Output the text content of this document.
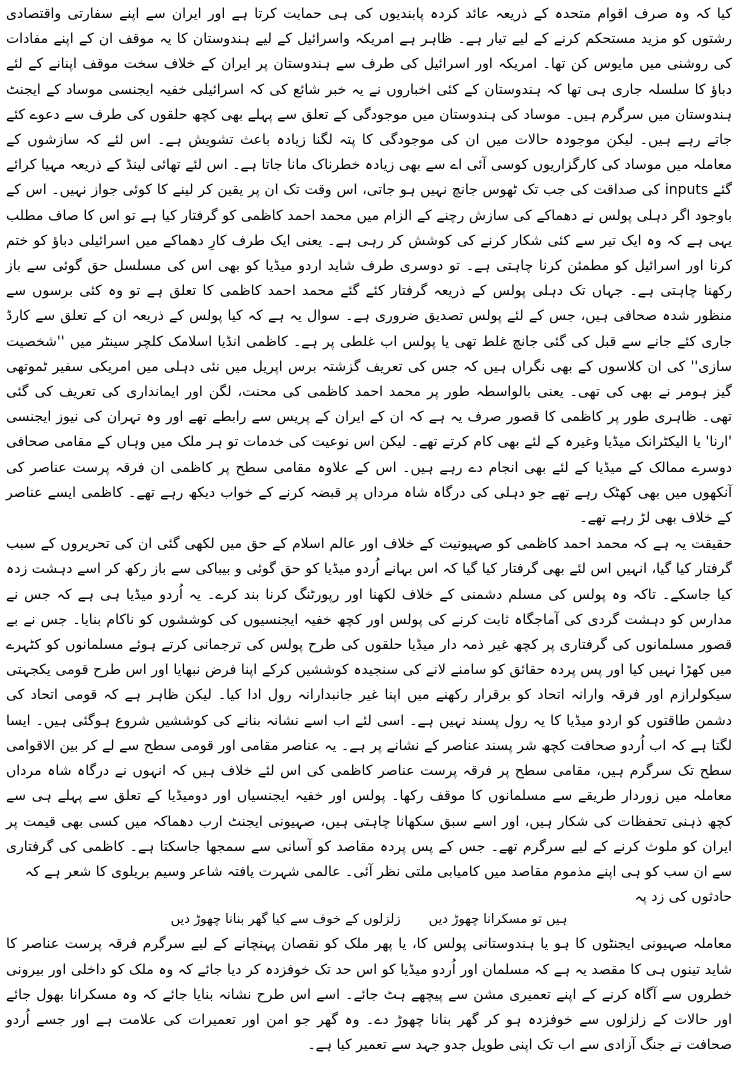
کیا کہ وہ صرف اقوام متحدہ کے ذریعہ عائد کردہ پابندیوں کی ہی حمایت کرتا ہے اور ایران سے اپنے سفارتی واقتصادی رشتوں کو مزید مستحکم کرنے کے لیے تیار ہے۔ ظاہر ہے امریکہ واسرائیل کے لیے ہندوستان کا یہ موقف ان کے اپنے مفادات کی روشنی میں مایوس کن تھا۔ امریکہ اور اسرائیل کی طرف سے ہندوستان پر ایران کے خلاف سخت موقف اپنانے کے لئے دباؤ کا سلسلہ جاری ہی تھا کہ ہندوستان کے کئی اخباروں نے یہ خبر شائع کی کہ اسرائیلی خفیہ ایجنسی موساد کے ایجنٹ ہندوستان میں سرگرم ہیں۔ موساد کی ہندوستان میں موجودگی کے تعلق سے پہلے بھی کچھ حلقوں کی طرف سے دعوے کئے جاتے رہے ہیں۔ لیکن موجودہ حالات میں ان کی موجودگی کا پتہ لگنا زیادہ باعث تشویش ہے۔ اس لئے کہ سازشوں کے معاملہ میں موساد کی کارگزاریوں کوسی آئی اے سے بھی زیادہ خطرناک مانا جاتا ہے۔ اس لئے تھائی لینڈ کے ذریعہ مہیا کرائے گئے inputs کی صداقت کی جب تک ٹھوس جانچ نہیں ہو جاتی، اس وقت تک ان پر یقین کر لینے کا کوئی جواز نہیں۔ اس کے باوجود اگر دہلی پولس نے دھماکے کی سازش رچنے کے الزام میں محمد احمد کاظمی کو گرفتار کیا ہے تو اس کا صاف مطلب یہی ہے کہ وہ ایک تیر سے کئی شکار کرنے کی کوشش کر رہی ہے۔ یعنی ایک طرف کارِ دھماکے میں اسرائیلی دباؤ کو ختم کرنا اور اسرائیل کو مطمئن کرنا چاہتی ہے۔ تو دوسری طرف شاید اردو میڈیا کو بھی اس کی مسلسل حق گوئی سے باز رکھنا چاہتی ہے۔ جہاں تک دہلی پولس کے ذریعہ گرفتار کئے گئے محمد احمد کاظمی کا تعلق ہے تو وہ کئی برسوں سے منظور شدہ صحافی ہیں، جس کے لئے پولس تصدیق ضروری ہے۔ سوال یہ ہے کہ کیا پولس کے ذریعہ ان کے تعلق سے کارڈ جاری کئے جانے سے قبل کی گئی جانچ غلط تھی یا پولس اب غلطی پر ہے۔ کاظمی انڈیا اسلامک کلچر سینٹر میں ''شخصیت سازی'' کی ان کلاسوں کے بھی نگراں ہیں کہ جس کی تعریف گزشتہ برس اپریل میں نئی دہلی میں امریکی سفیر ٹموتھی گیز ہومر نے بھی کی تھی۔ یعنی بالواسطہ طور پر محمد احمد کاظمی کی محنت، لگن اور ایمانداری کی تعریف کی گئی تھی۔ ظاہری طور پر کاظمی کا قصور صرف یہ ہے کہ ان کے ایران کے پریس سے رابطے تھے اور وہ تہران کی نیوز ایجنسی 'ارنا' یا الیکٹرانک میڈیا وغیرہ کے لئے بھی کام کرتے تھے۔ لیکن اس نوعیت کی خدمات تو ہر ملک میں وہاں کے مقامی صحافی دوسرے ممالک کے میڈیا کے لئے بھی انجام دے رہے ہیں۔ اس کے علاوہ مقامی سطح پر کاظمی ان فرقہ پرست عناصر کی آنکھوں میں بھی کھٹک رہے تھے جو دہلی کی درگاہ شاہ مرداں پر قبضہ کرنے کے خواب دیکھ رہے تھے۔ کاظمی ایسے عناصر کے خلاف بھی لڑ رہے تھے۔

حقیقت یہ ہے کہ محمد احمد کاظمی کو صہیونیت کے خلاف اور عالم اسلام کے حق میں لکھی گئی ان کی تحریروں کے سبب گرفتار کیا گیا، انہیں اس لئے بھی گرفتار کیا گیا کہ اس بہانے اُردو میڈیا کو حق گوئی و بیباکی سے باز رکھ کر اسے دہشت زدہ کیا جاسکے۔ تاکہ وہ پولس کی مسلم دشمنی کے خلاف لکھنا اور رپورٹنگ کرنا بند کرے۔ یہ اُردو میڈیا ہی ہے کہ جس نے مدارس کو دہشت گردی کی آماجگاہ ثابت کرنے کی پولس اور کچھ خفیہ ایجنسیوں کی کوششوں کو ناکام بنایا۔ جس نے بے قصور مسلمانوں کی گرفتاری پر کچھ غیر ذمہ دار میڈیا حلقوں کی طرح پولس کی ترجمانی کرتے ہوئے مسلمانوں کو کٹہرے میں کھڑا نہیں کیا اور پس پردہ حقائق کو سامنے لانے کی سنجیدہ کوششیں کرکے اپنا فرض نبھایا اور اس طرح قومی یکجہتی سیکولرازم اور فرقہ وارانہ اتحاد کو برقرار رکھنے میں اپنا غیر جانبدارانہ رول ادا کیا۔ لیکن ظاہر ہے کہ قومی اتحاد کی دشمن طاقتوں کو اردو میڈیا کا یہ رول پسند نہیں ہے۔ اسی لئے اب اسے نشانہ بنانے کی کوششیں شروع ہوگئی ہیں۔ ایسا لگتا ہے کہ اب اُردو صحافت کچھ شر پسند عناصر کے نشانے پر ہے۔ یہ عناصر مقامی اور قومی سطح سے لے کر بین الاقوامی سطح تک سرگرم ہیں، مقامی سطح پر فرقہ پرست عناصر کاظمی کی اس لئے خلاف ہیں کہ انہوں نے درگاہ شاہ مرداں معاملہ میں زوردار طریقے سے مسلمانوں کا موقف رکھا۔ پولس اور خفیہ ایجنسیاں اور دومیڈیا کے تعلق سے پہلے ہی سے کچھ ذہنی تحفظات کی شکار ہیں، اور اسے سبق سکھانا چاہتی ہیں، صہیونی ایجنٹ ارب دھماکہ میں کسی بھی قیمت پر ایران کو ملوث کرنے کے لیے سرگرم تھے۔ جس کے پس پردہ مقاصد کو آسانی سے سمجھا جاسکتا ہے۔ کاظمی کی گرفتاری سے ان سب کو ہی اپنے مذموم مقاصد میں کامیابی ملتی نظر آئی۔ عالمی شہرت یافتہ شاعر وسیم بریلوی کا شعر ہے کہ

حادثوں کی زد پہ
ہیں تو مسکرانا چھوڑ دیں
زلزلوں کے خوف سے کیا گھر بنانا چھوڑ دیں

معاملہ صہیونی ایجنٹوں کا ہو یا ہندوستانی پولس کا، یا پھر ملک کو نقصان پہنچانے کے لیے سرگرم فرقہ پرست عناصر کا شاید تینوں ہی کا مقصد یہ ہے کہ مسلمان اور اُردو میڈیا کو اس حد تک خوفزدہ کر دیا جائے کہ وہ ملک کو داخلی اور بیرونی خطروں سے آگاہ کرنے کے اپنے تعمیری مشن سے پیچھے ہٹ جائے۔ اسے اس طرح نشانہ بنایا جائے کہ وہ مسکرانا بھول جائے اور حالات کے زلزلوں سے خوفزدہ ہو کر گھر بنانا چھوڑ دے۔ وہ گھر جو امن اور تعمیرات کی علامت ہے اور جسے اُردو صحافت نے جنگ آزادی سے اب تک اپنی طویل جدو جہد سے تعمیر کیا ہے۔
